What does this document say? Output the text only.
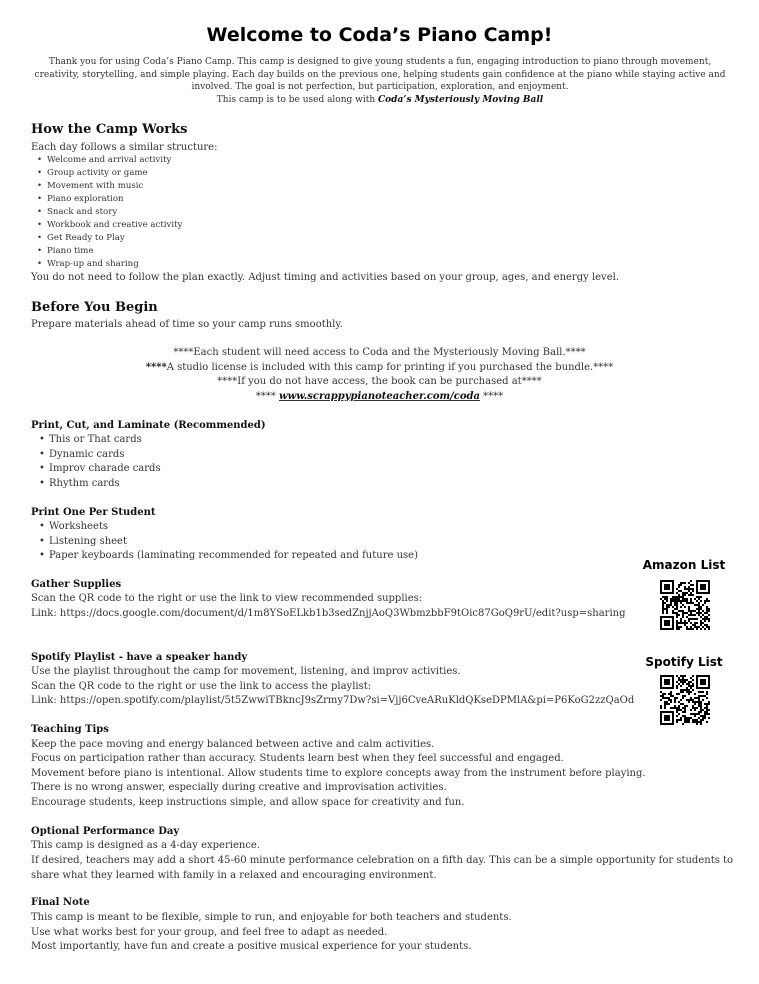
Welcome to Coda’s Piano Camp!
Thank you for using Coda’s Piano Camp. This camp is designed to give young students a fun, engaging introduction to piano through movement, creativity, storytelling, and simple playing. Each day builds on the previous one, helping students gain confidence at the piano while staying active and involved. The goal is not perfection, but participation, exploration, and enjoyment.
This camp is to be used along with Coda’s Mysteriously Moving Ball
How the Camp Works
Each day follows a similar structure:
• Welcome and arrival activity
• Group activity or game
• Movement with music
• Piano exploration
• Snack and story
• Workbook and creative activity
• Get Ready to Play
• Piano time
• Wrap-up and sharing
You do not need to follow the plan exactly. Adjust timing and activities based on your group, ages, and energy level.
Before You Begin
Prepare materials ahead of time so your camp runs smoothly.
****Each student will need access to Coda and the Mysteriously Moving Ball.****
****A studio license is included with this camp for printing if you purchased the bundle.****
****If you do not have access, the book can be purchased at****
**** www.scrappypianoteacher.com/coda ****
Print, Cut, and Laminate (Recommended)
• This or That cards
• Dynamic cards
• Improv charade cards
• Rhythm cards
Print One Per Student
• Worksheets
• Listening sheet
• Paper keyboards (laminating recommended for repeated and future use)
Gather Supplies
Scan the QR code to the right or use the link to view recommended supplies:
Link: https://docs.google.com/document/d/1m8YSoELkb1b3sedZnjjAoQ3WbmzbbF9tOic87GoQ9rU/edit?usp=sharing
Spotify Playlist - have a speaker handy
Use the playlist throughout the camp for movement, listening, and improv activities.
Scan the QR code to the right or use the link to access the playlist:
Link: https://open.spotify.com/playlist/5t5ZwwiTBkncJ9sZrmy7Dw?si=Vjj6CveARuKldQKseDPMlA&pi=P6KoG2zzQaOd
Teaching Tips
Keep the pace moving and energy balanced between active and calm activities.
Focus on participation rather than accuracy. Students learn best when they feel successful and engaged.
Movement before piano is intentional. Allow students time to explore concepts away from the instrument before playing.
There is no wrong answer, especially during creative and improvisation activities.
Encourage students, keep instructions simple, and allow space for creativity and fun.
Optional Performance Day
This camp is designed as a 4-day experience.
If desired, teachers may add a short 45-60 minute performance celebration on a fifth day. This can be a simple opportunity for students to share what they learned with family in a relaxed and encouraging environment.
Final Note
This camp is meant to be flexible, simple to run, and enjoyable for both teachers and students.
Use what works best for your group, and feel free to adapt as needed.
Most importantly, have fun and create a positive musical experience for your students.
Amazon List
Spotify List
